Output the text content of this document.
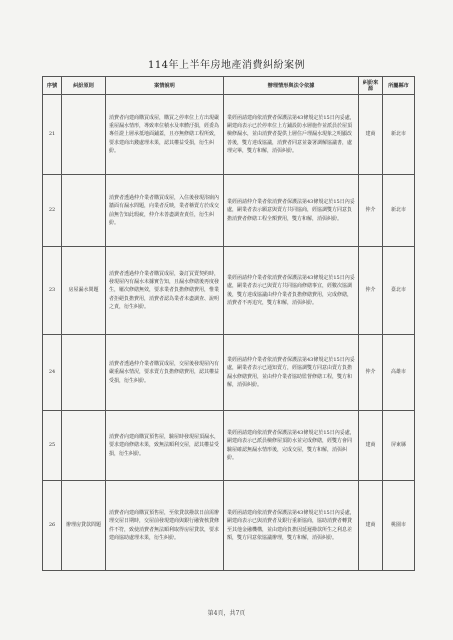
114年上半年房地產消費糾紛案例
序號	糾紛原則	案情說明	辦理情形與法令依據	糾紛來源	所屬縣市
21		消費者向建商購買成屋，購買之停車位上方出現嚴重屋漏水情形，導致車位積水及車體汙損，經委為專任證上層承抵地面鋪蓋，且亦無修繕工程所致，要求建商出錢處理未果，認其權益受損，衍生糾紛。	業經函請建商依消費者保護法第43條規定於15日內妥處，嗣建商表示已於停車位上方鋪設防水層施作並派員於屋頂檢修漏水，並由消費者提供上層住戶理漏水現象之明顯改善後，雙方達成協議，消費者同意並簽署調解協議書，處理完畢，雙方和解，消弭糾紛。	建商	新北市
22		消費者透過仲介業者購買成屋，入住後發現浴廁內牆面有漏水問題，向業者反映，業者稱賣方於成交前無告知此瑕疵，仲介未善盡調查責任，衍生糾紛。	業經函請仲介業者依消費者保護法第43條規定於15日內妥處，嗣業者表示願意與賣方共同協商，經協調雙方同意負擔消費者修繕工程全額費用，雙方和解，消弭糾紛。	仲介	新北市
23	房屋漏水問題	消費者透過仲介業者購買成屋，簽訂買賣契約時，發現屋內有漏水未據實告知，且漏水修繕後再度發生，屢次修繕無效，要求業者負擔修繕費用，惟業者拒絕負擔費用，消費者認為業者未盡調查、說明之責，衍生糾紛。	業經函請仲介業者依消費者保護法第43條規定於15日內妥處，嗣業者表示已與賣方共同協商修繕事宜，經數次協調後，雙方達成協議由仲介業者負擔修繕費用，完成修繕，消費者不再追究，雙方和解，消弭糾紛。	仲介	臺北市
24		消費者透過仲介業者購買成屋，交屋後發現屋內有嚴重漏水情況，要求賣方負擔修繕費用，認其權益受損，衍生糾紛。	業經函請仲介業者依消費者保護法第43條規定於15日內妥處，嗣業者表示已通知賣方，經協調雙方同意由賣方負擔漏水修繕費用，並由仲介業者協助監督修繕工程，雙方和解，消弭糾紛。	仲介	高雄市
25		消費者向建商購買預售屋，驗屋時發現屋頂漏水，要求建商修繕未果，致無法順利交屋，認其權益受損，衍生糾紛。	業經函請建商依消費者保護法第43條規定於15日內妥處，嗣建商表示已派員檢修屋頂防水並完成修繕，經雙方會同驗屋確認無漏水情形後，完成交屋，雙方和解，消弭糾紛。	建商	屏東縣
26	辦理房貸款問題	消費者向建商購買預售屋，至依貸款撥款日前需辦理交屋日期時，交屋前發現建商與銀行融資核貸條件不符，致使消費者無法順利取得房屋貸款，要求建商協助處理未果，衍生糾紛。	業經函請建商依消費者保護法第43條規定於15日內妥處，嗣建商表示已與消費者及銀行重新協商，協助消費者轉貸至其他金融機構，並由建商負擔因延遲撥款所生之利息差額，雙方同意依協議辦理，雙方和解，消弭糾紛。	建商	桃園市
第4頁，共7頁
